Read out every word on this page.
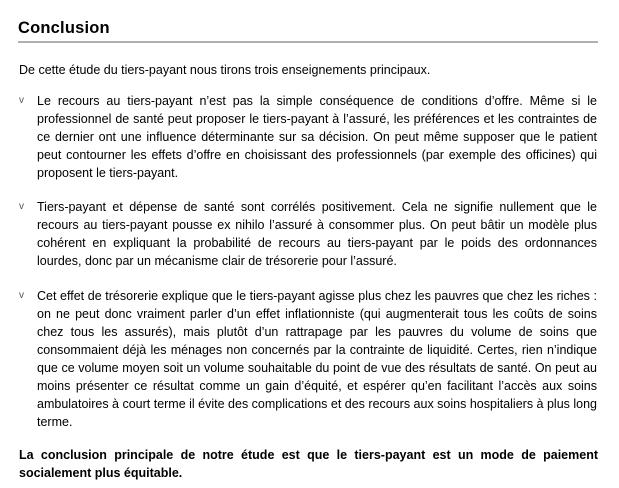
Conclusion
De cette étude du tiers-payant nous tirons trois enseignements principaux.
v Le recours au tiers-payant n’est pas la simple conséquence de conditions d’offre. Même si le professionnel de santé peut proposer le tiers-payant à l’assuré, les préférences et les contraintes de ce dernier ont une influence déterminante sur sa décision. On peut même supposer que le patient peut contourner les effets d’offre en choisissant des professionnels (par exemple des officines) qui proposent le tiers-payant.
v Tiers-payant et dépense de santé sont corrélés positivement. Cela ne signifie nullement que le recours au tiers-payant pousse ex nihilo l’assuré à consommer plus. On peut bâtir un modèle plus cohérent en expliquant la probabilité de recours au tiers-payant par le poids des ordonnances lourdes, donc par un mécanisme clair de trésorerie pour l’assuré.
v Cet effet de trésorerie explique que le tiers-payant agisse plus chez les pauvres que chez les riches : on ne peut donc vraiment parler d’un effet inflationniste (qui augmenterait tous les coûts de soins chez tous les assurés), mais plutôt d’un rattrapage par les pauvres du volume de soins que consommaient déjà les ménages non concernés par la contrainte de liquidité. Certes, rien n’indique que ce volume moyen soit un volume souhaitable du point de vue des résultats de santé. On peut au moins présenter ce résultat comme un gain d’équité, et espérer qu’en facilitant l’accès aux soins ambulatoires à court terme il évite des complications et des recours aux soins hospitaliers à plus long terme.
La conclusion principale de notre étude est que le tiers-payant est un mode de paiement socialement plus équitable.
